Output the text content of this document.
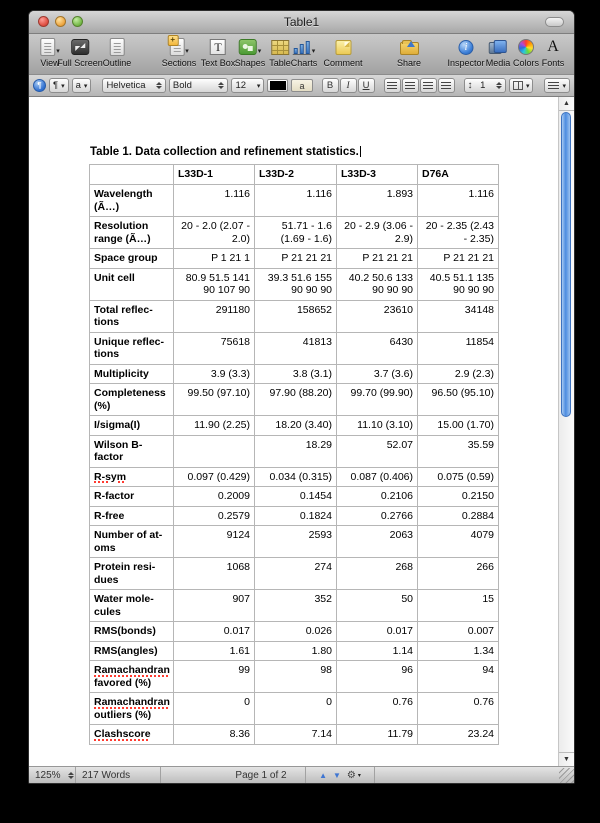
Table1
▾
View
Full Screen Outline
+
▾
Sections
T
Text Box
▾
Shapes Table
▾
Charts Comment	Share
i
Inspector Media Colors
A
Fonts
¶	¶ ▾ a ▾ Helvetica	Bold	12 ▾	a	B	I	U	↕ 1	▾	▾

Table 1. Data collection and refinement statistics.

	L33D-1	L33D-2	L33D-3	D76A
Wavelength (Ã…)	1.116	1.116	1.893	1.116
Resolution range (Ã…)	20 - 2.0 (2.07 - 2.0)	51.71 - 1.6 (1.69 - 1.6)	20 - 2.9 (3.06 - 2.9)	20 - 2.35 (2.43 - 2.35)
Space group	P 1 21 1	P 21 21 21	P 21 21 21	P 21 21 21
Unit cell	80.9 51.5 141 90 107 90	39.3 51.6 155 90 90 90	40.2 50.6 133 90 90 90	40.5 51.1 135 90 90 90
Total reflec-tions	291180	158652	23610	34148
Unique reflec-tions	75618	41813	6430	11854
Multiplicity	3.9 (3.3)	3.8 (3.1)	3.7 (3.6)	2.9 (2.3)
Completeness (%)	99.50 (97.10)	97.90 (88.20)	99.70 (99.90)	96.50 (95.10)
I/sigma(I)	11.90 (2.25)	18.20 (3.40)	11.10 (3.10)	15.00 (1.70)
Wilson B-factor		18.29	52.07	35.59
R-sym	0.097 (0.429)	0.034 (0.315)	0.087 (0.406)	0.075 (0.59)
R-factor	0.2009	0.1454	0.2106	0.2150
R-free	0.2579	0.1824	0.2766	0.2884
Number of at-oms	9124	2593	2063	4079
Protein resi-dues	1068	274	268	266
Water mole-cules	907	352	50	15
RMS(bonds)	0.017	0.026	0.017	0.007
RMS(angles)	1.61	1.80	1.14	1.34
Ramachandran favored (%)	99	98	96	94
Ramachandran outliers (%)	0	0	0.76	0.76
Clashscore	8.36	7.14	11.79	23.24
▲
▼
125%	217 Words	Page 1 of 2	▲ ▼ ⚙ ▾
